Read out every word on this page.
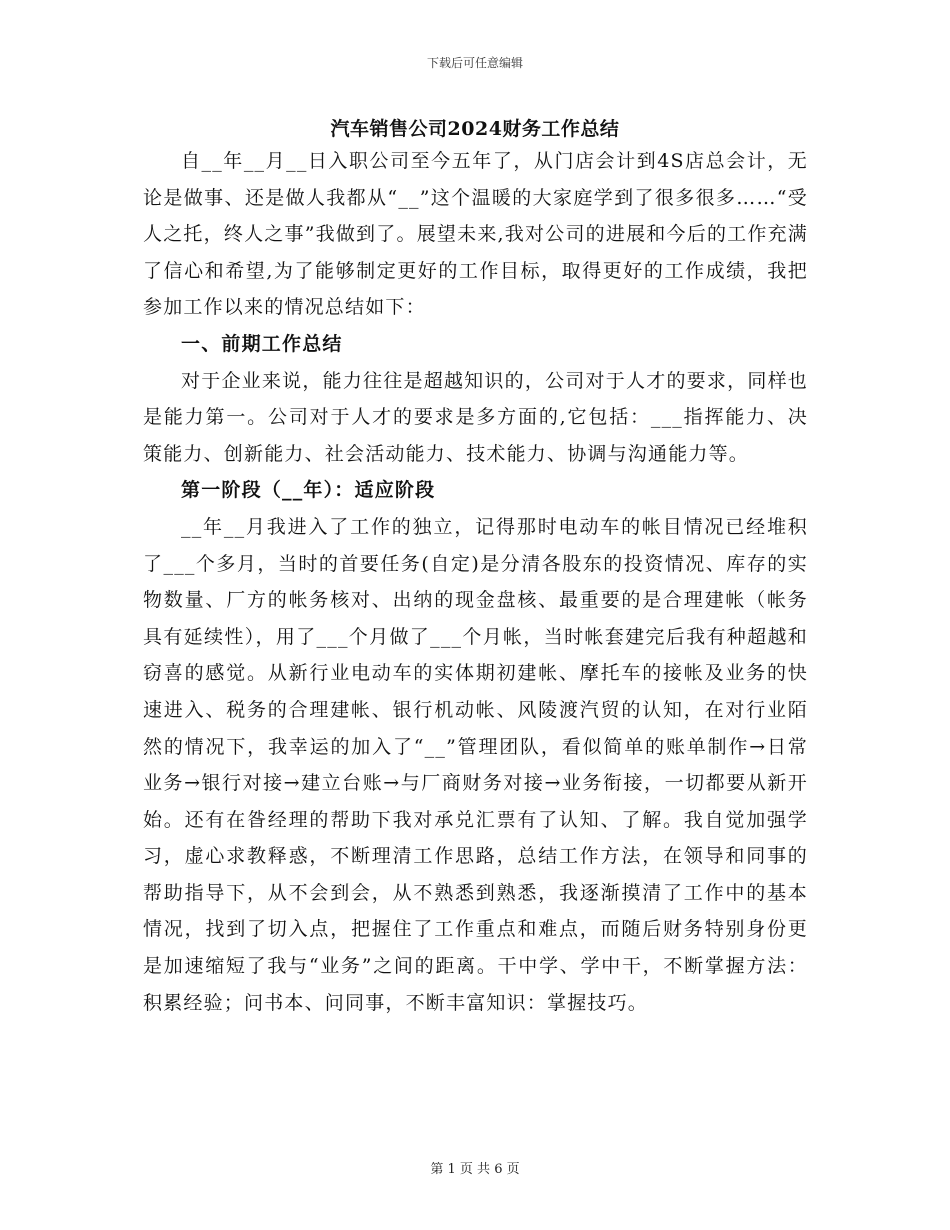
下载后可任意编辑
汽车销售公司2024财务工作总结

自__年__月__日入职公司至今五年了，从门店会计到4S店总会计，无论是做事、还是做人我都从“__”这个温暖的大家庭学到了很多很多……“受人之托，终人之事”我做到了。展望未来,我对公司的进展和今后的工作充满了信心和希望,为了能够制定更好的工作目标，取得更好的工作成绩，我把参加工作以来的情况总结如下：

一、前期工作总结

对于企业来说，能力往往是超越知识的，公司对于人才的要求，同样也是能力第一。公司对于人才的要求是多方面的,它包括：___指挥能力、决策能力、创新能力、社会活动能力、技术能力、协调与沟通能力等。

第一阶段（__年）：适应阶段

__年__月我进入了工作的独立，记得那时电动车的帐目情况已经堆积了___个多月，当时的首要任务(自定)是分清各股东的投资情况、库存的实物数量、厂方的帐务核对、出纳的现金盘核、最重要的是合理建帐（帐务具有延续性），用了___个月做了___个月帐，当时帐套建完后我有种超越和窃喜的感觉。从新行业电动车的实体期初建帐、摩托车的接帐及业务的快速进入、税务的合理建帐、银行机动帐、风陵渡汽贸的认知，在对行业陌然的情况下，我幸运的加入了“__”管理团队，看似简单的账单制作→日常业务→银行对接→建立台账→与厂商财务对接→业务衔接，一切都要从新开始。还有在昝经理的帮助下我对承兑汇票有了认知、了解。我自觉加强学习，虚心求教释惑，不断理清工作思路，总结工作方法，在领导和同事的帮助指导下，从不会到会，从不熟悉到熟悉，我逐渐摸清了工作中的基本情况，找到了切入点，把握住了工作重点和难点，而随后财务特别身份更是加速缩短了我与“业务”之间的距离。干中学、学中干，不断掌握方法：积累经验；问书本、问同事，不断丰富知识：掌握技巧。

第 1 页 共 6 页
